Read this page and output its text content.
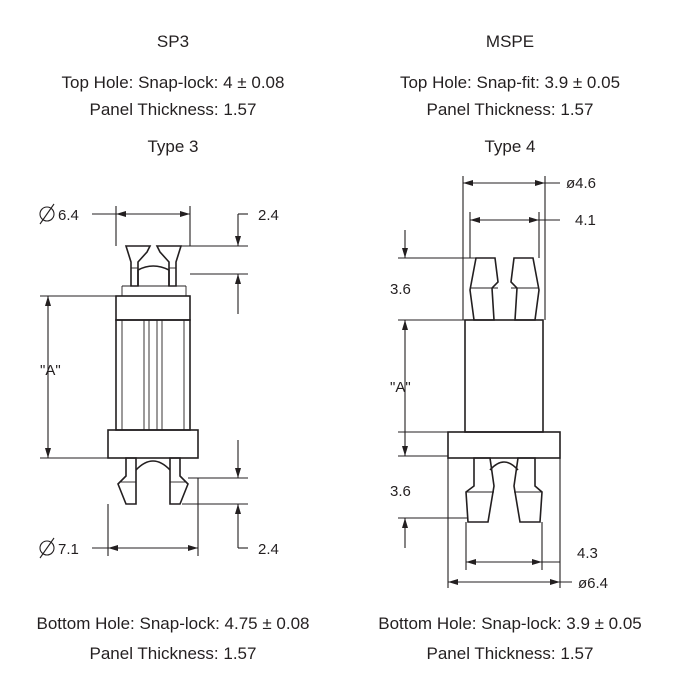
SP3
Top Hole: Snap-lock: 4 ± 0.08
Panel Thickness: 1.57
Type 3
MSPE
Top Hole: Snap-fit: 3.9 ± 0.05
Panel Thickness: 1.57
Type 4
6.4	2.4
"A"
2.4
7.1
ø4.6
4.1
3.6
"A"
3.6
4.3
ø6.4
Bottom Hole: Snap-lock: 4.75 ± 0.08
Panel Thickness: 1.57
Bottom Hole: Snap-lock: 3.9 ± 0.05
Panel Thickness: 1.57
